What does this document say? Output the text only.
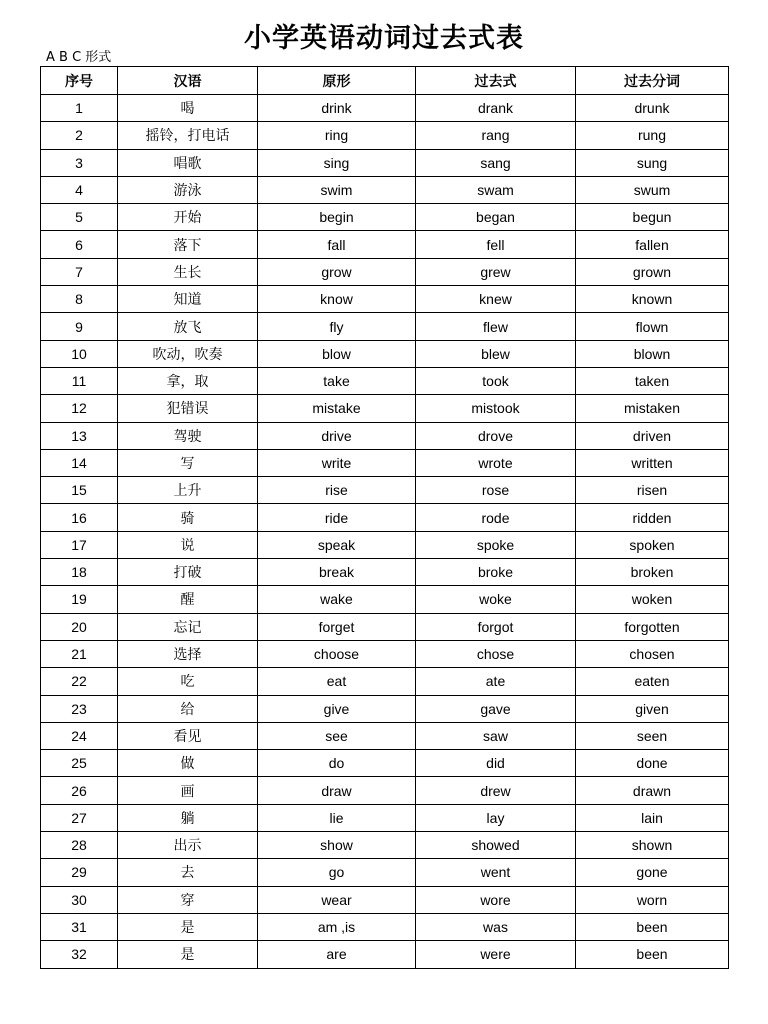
小学英语动词过去式表
A B C 形式
序号	汉语	原形	过去式	过去分词
1	喝	drink	drank	drunk
2	摇铃，打电话	ring	rang	rung
3	唱歌	sing	sang	sung
4	游泳	swim	swam	swum
5	开始	begin	began	begun
6	落下	fall	fell	fallen
7	生长	grow	grew	grown
8	知道	know	knew	known
9	放飞	fly	flew	flown
10	吹动，吹奏	blow	blew	blown
11	拿，取	take	took	taken
12	犯错误	mistake	mistook	mistaken
13	驾驶	drive	drove	driven
14	写	write	wrote	written
15	上升	rise	rose	risen
16	骑	ride	rode	ridden
17	说	speak	spoke	spoken
18	打破	break	broke	broken
19	醒	wake	woke	woken
20	忘记	forget	forgot	forgotten
21	选择	choose	chose	chosen
22	吃	eat	ate	eaten
23	给	give	gave	given
24	看见	see	saw	seen
25	做	do	did	done
26	画	draw	drew	drawn
27	躺	lie	lay	lain
28	出示	show	showed	shown
29	去	go	went	gone
30	穿	wear	wore	worn
31	是	am ,is	was	been
32	是	are	were	been
